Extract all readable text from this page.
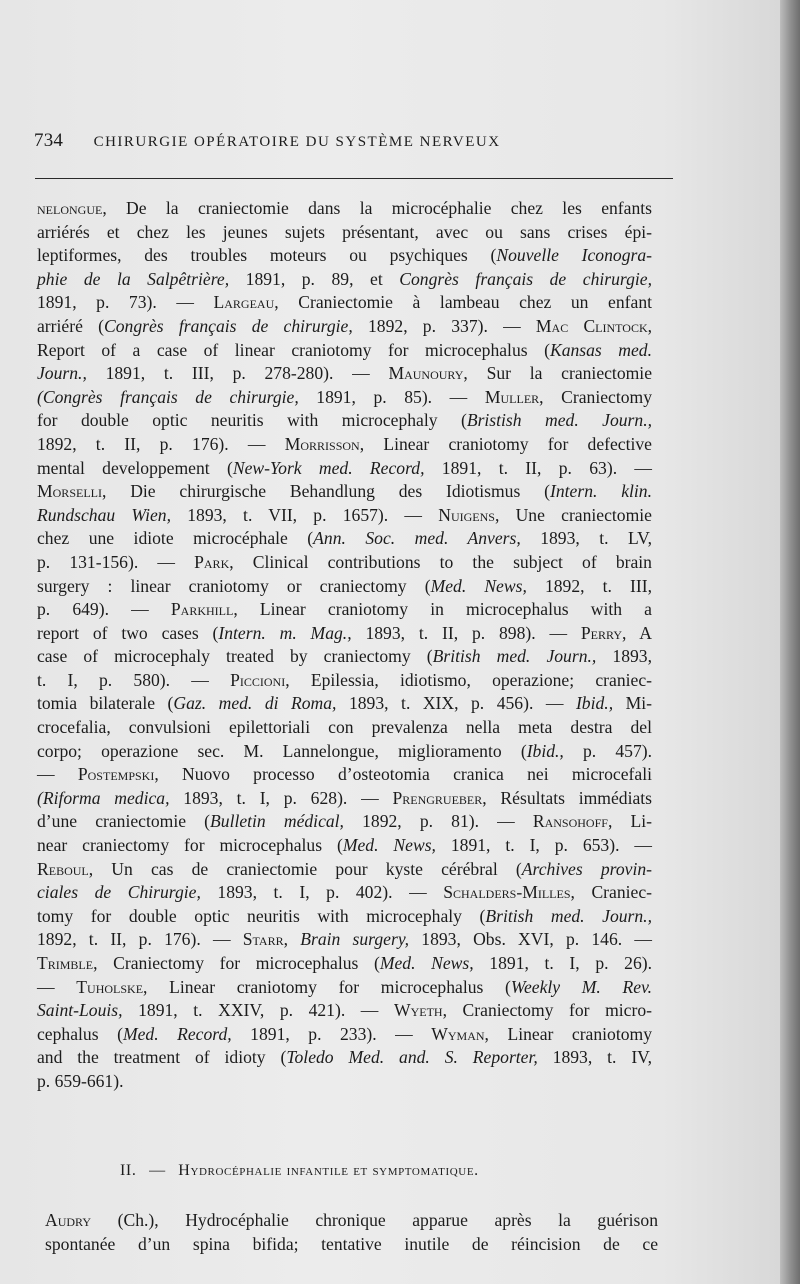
734 CHIRURGIE OPÉRATOIRE DU SYSTÈME NERVEUX
nelongue, De la craniectomie dans la microcéphalie chez les enfants
arriérés et chez les jeunes sujets présentant, avec ou sans crises épi-
leptiformes, des troubles moteurs ou psychiques (Nouvelle Iconogra-
phie de la Salpêtrière, 1891, p. 89, et Congrès français de chirurgie,
1891, p. 73). — Largeau, Craniectomie à lambeau chez un enfant
arriéré (Congrès français de chirurgie, 1892, p. 337). — Mac Clintock,
Report of a case of linear craniotomy for microcephalus (Kansas med.
Journ., 1891, t. III, p. 278-280). — Maunoury, Sur la craniectomie
(Congrès français de chirurgie, 1891, p. 85). — Muller, Craniectomy
for double optic neuritis with microcephaly (Bristish med. Journ.,
1892, t. II, p. 176). — Morrisson, Linear craniotomy for defective
mental developpement (New-York med. Record, 1891, t. II, p. 63). —
Morselli, Die chirurgische Behandlung des Idiotismus (Intern. klin.
Rundschau Wien, 1893, t. VII, p. 1657). — Nuigens, Une craniectomie
chez une idiote microcéphale (Ann. Soc. med. Anvers, 1893, t. LV,
p. 131-156). — Park, Clinical contributions to the subject of brain
surgery : linear craniotomy or craniectomy (Med. News, 1892, t. III,
p. 649). — Parkhill, Linear craniotomy in microcephalus with a
report of two cases (Intern. m. Mag., 1893, t. II, p. 898). — Perry, A
case of microcephaly treated by craniectomy (British med. Journ., 1893,
t. I, p. 580). — Piccioni, Epilessia, idiotismo, operazione; craniec-
tomia bilaterale (Gaz. med. di Roma, 1893, t. XIX, p. 456). — Ibid., Mi-
crocefalia, convulsioni epilettoriali con prevalenza nella meta destra del
corpo; operazione sec. M. Lannelongue, miglioramento (Ibid., p. 457).
— Postempski, Nuovo processo d’osteotomia cranica nei microcefali
(Riforma medica, 1893, t. I, p. 628). — Prengrueber, Résultats immédiats
d’une craniectomie (Bulletin médical, 1892, p. 81). — Ransohoff, Li-
near craniectomy for microcephalus (Med. News, 1891, t. I, p. 653). —
Reboul, Un cas de craniectomie pour kyste cérébral (Archives provin-
ciales de Chirurgie, 1893, t. I, p. 402). — Schalders-Milles, Craniec-
tomy for double optic neuritis with microcephaly (British med. Journ.,
1892, t. II, p. 176). — Starr, Brain surgery, 1893, Obs. XVI, p. 146. —
Trimble, Craniectomy for microcephalus (Med. News, 1891, t. I, p. 26).
— Tuholske, Linear craniotomy for microcephalus (Weekly M. Rev.
Saint-Louis, 1891, t. XXIV, p. 421). — Wyeth, Craniectomy for micro-
cephalus (Med. Record, 1891, p. 233). — Wyman, Linear craniotomy
and the treatment of idioty (Toledo Med. and. S. Reporter, 1893, t. IV,
p. 659-661).
II. — Hydrocéphalie infantile et symptomatique.
Audry (Ch.), Hydrocéphalie chronique apparue après la guérison
spontanée d’un spina bifida; tentative inutile de réincision de ce
